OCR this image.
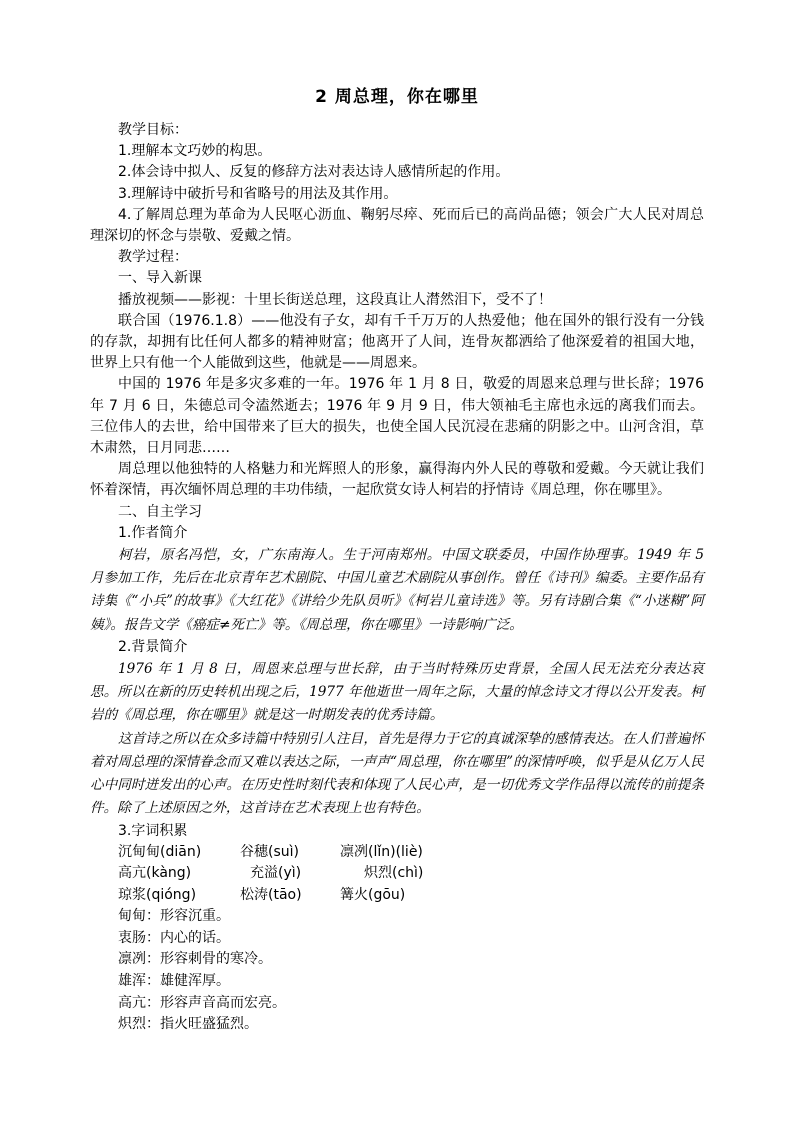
2 周总理，你在哪里

教学目标：

1.理解本文巧妙的构思。

2.体会诗中拟人、反复的修辞方法对表达诗人感情所起的作用。

3.理解诗中破折号和省略号的用法及其作用。

4.了解周总理为革命为人民呕心沥血、鞠躬尽瘁、死而后已的高尚品德；领会广大人民对周总理深切的怀念与崇敬、爱戴之情。

教学过程：

一、导入新课

播放视频——影视：十里长街送总理，这段真让人潸然泪下，受不了！

联合国（1976.1.8）——他没有子女，却有千千万万的人热爱他；他在国外的银行没有一分钱的存款，却拥有比任何人都多的精神财富；他离开了人间，连骨灰都洒给了他深爱着的祖国大地，世界上只有他一个人能做到这些，他就是——周恩来。

中国的 1976 年是多灾多难的一年。1976 年 1 月 8 日，敬爱的周恩来总理与世长辞；1976 年 7 月 6 日，朱德总司令溘然逝去；1976 年 9 月 9 日，伟大领袖毛主席也永远的离我们而去。三位伟人的去世，给中国带来了巨大的损失，也使全国人民沉浸在悲痛的阴影之中。山河含泪，草木肃然，日月同悲……

周总理以他独特的人格魅力和光辉照人的形象，赢得海内外人民的尊敬和爱戴。今天就让我们怀着深情，再次缅怀周总理的丰功伟绩，一起欣赏女诗人柯岩的抒情诗《周总理，你在哪里》。

二、自主学习

1.作者简介

柯岩，原名冯恺，女，广东南海人。生于河南郑州。中国文联委员，中国作协理事。1949 年 5 月参加工作，先后在北京青年艺术剧院、中国儿童艺术剧院从事创作。曾任《诗刊》编委。主要作品有诗集《“小兵”的故事》《大红花》《讲给少先队员听》《柯岩儿童诗选》等。另有诗剧合集《“小迷糊”阿姨》。报告文学《癌症≠死亡》等。《周总理，你在哪里》一诗影响广泛。

2.背景简介

1976 年 1 月 8 日，周恩来总理与世长辞，由于当时特殊历史背景，全国人民无法充分表达哀思。所以在新的历史转机出现之后，1977 年他逝世一周年之际，大量的悼念诗文才得以公开发表。柯岩的《周总理，你在哪里》就是这一时期发表的优秀诗篇。

这首诗之所以在众多诗篇中特别引人注目，首先是得力于它的真诚深挚的感情表达。在人们普遍怀着对周总理的深情眷念而又难以表达之际，一声声“周总理，你在哪里”的深情呼唤，似乎是从亿万人民心中同时迸发出的心声。在历史性时刻代表和体现了人民心声，是一切优秀文学作品得以流传的前提条件。除了上述原因之外，这首诗在艺术表现上也有特色。

3.字词积累

沉甸甸(diān)	谷穗(suì)	凛冽(lǐn)(liè)
高亢(kàng)	充溢(yì)	炽烈(chì)
琼浆(qióng)	松涛(tāo)	篝火(gōu)

甸甸：形容沉重。

衷肠：内心的话。

凛冽：形容刺骨的寒冷。

雄浑：雄健浑厚。

高亢：形容声音高而宏亮。

炽烈：指火旺盛猛烈。
